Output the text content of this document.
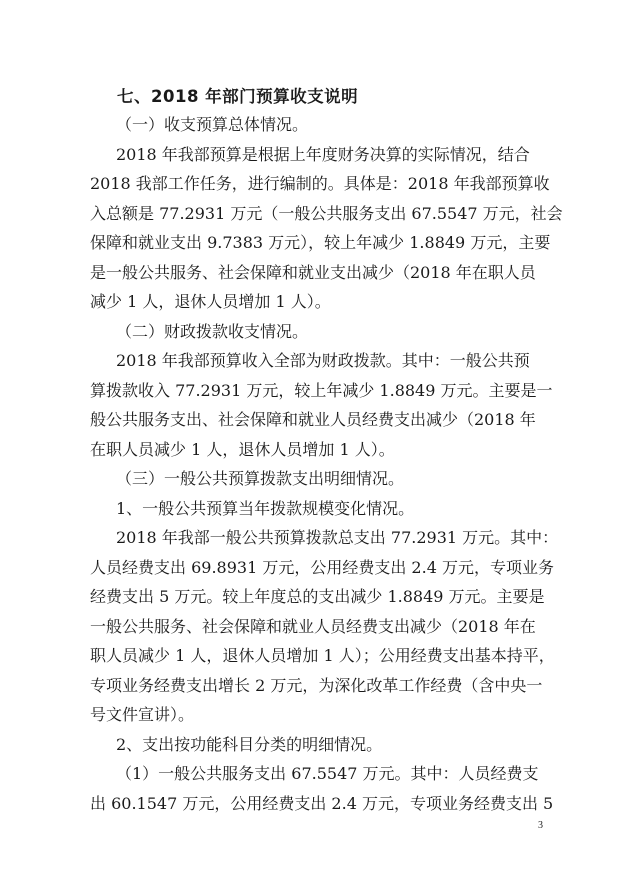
七、2018 年部门预算收支说明
（一）收支预算总体情况。
2018 年我部预算是根据上年度财务决算的实际情况，结合
2018 我部工作任务，进行编制的。具体是：2018 年我部预算收
入总额是 77.2931 万元（一般公共服务支出 67.5547 万元，社会
保障和就业支出 9.7383 万元），较上年减少 1.8849 万元，主要
是一般公共服务、社会保障和就业支出减少（2018 年在职人员
减少 1 人，退休人员增加 1 人）。
（二）财政拨款收支情况。
2018 年我部预算收入全部为财政拨款。其中：一般公共预
算拨款收入 77.2931 万元，较上年减少 1.8849 万元。主要是一
般公共服务支出、社会保障和就业人员经费支出减少（2018 年
在职人员减少 1 人，退休人员增加 1 人）。
（三）一般公共预算拨款支出明细情况。
1、一般公共预算当年拨款规模变化情况。
2018 年我部一般公共预算拨款总支出 77.2931 万元。其中：
人员经费支出 69.8931 万元，公用经费支出 2.4 万元，专项业务
经费支出 5 万元。较上年度总的支出减少 1.8849 万元。主要是
一般公共服务、社会保障和就业人员经费支出减少（2018 年在
职人员减少 1 人，退休人员增加 1 人）；公用经费支出基本持平，
专项业务经费支出增长 2 万元，为深化改革工作经费（含中央一
号文件宣讲）。
2、支出按功能科目分类的明细情况。
（1）一般公共服务支出 67.5547 万元。其中：人员经费支
出 60.1547 万元，公用经费支出 2.4 万元，专项业务经费支出 5
3
